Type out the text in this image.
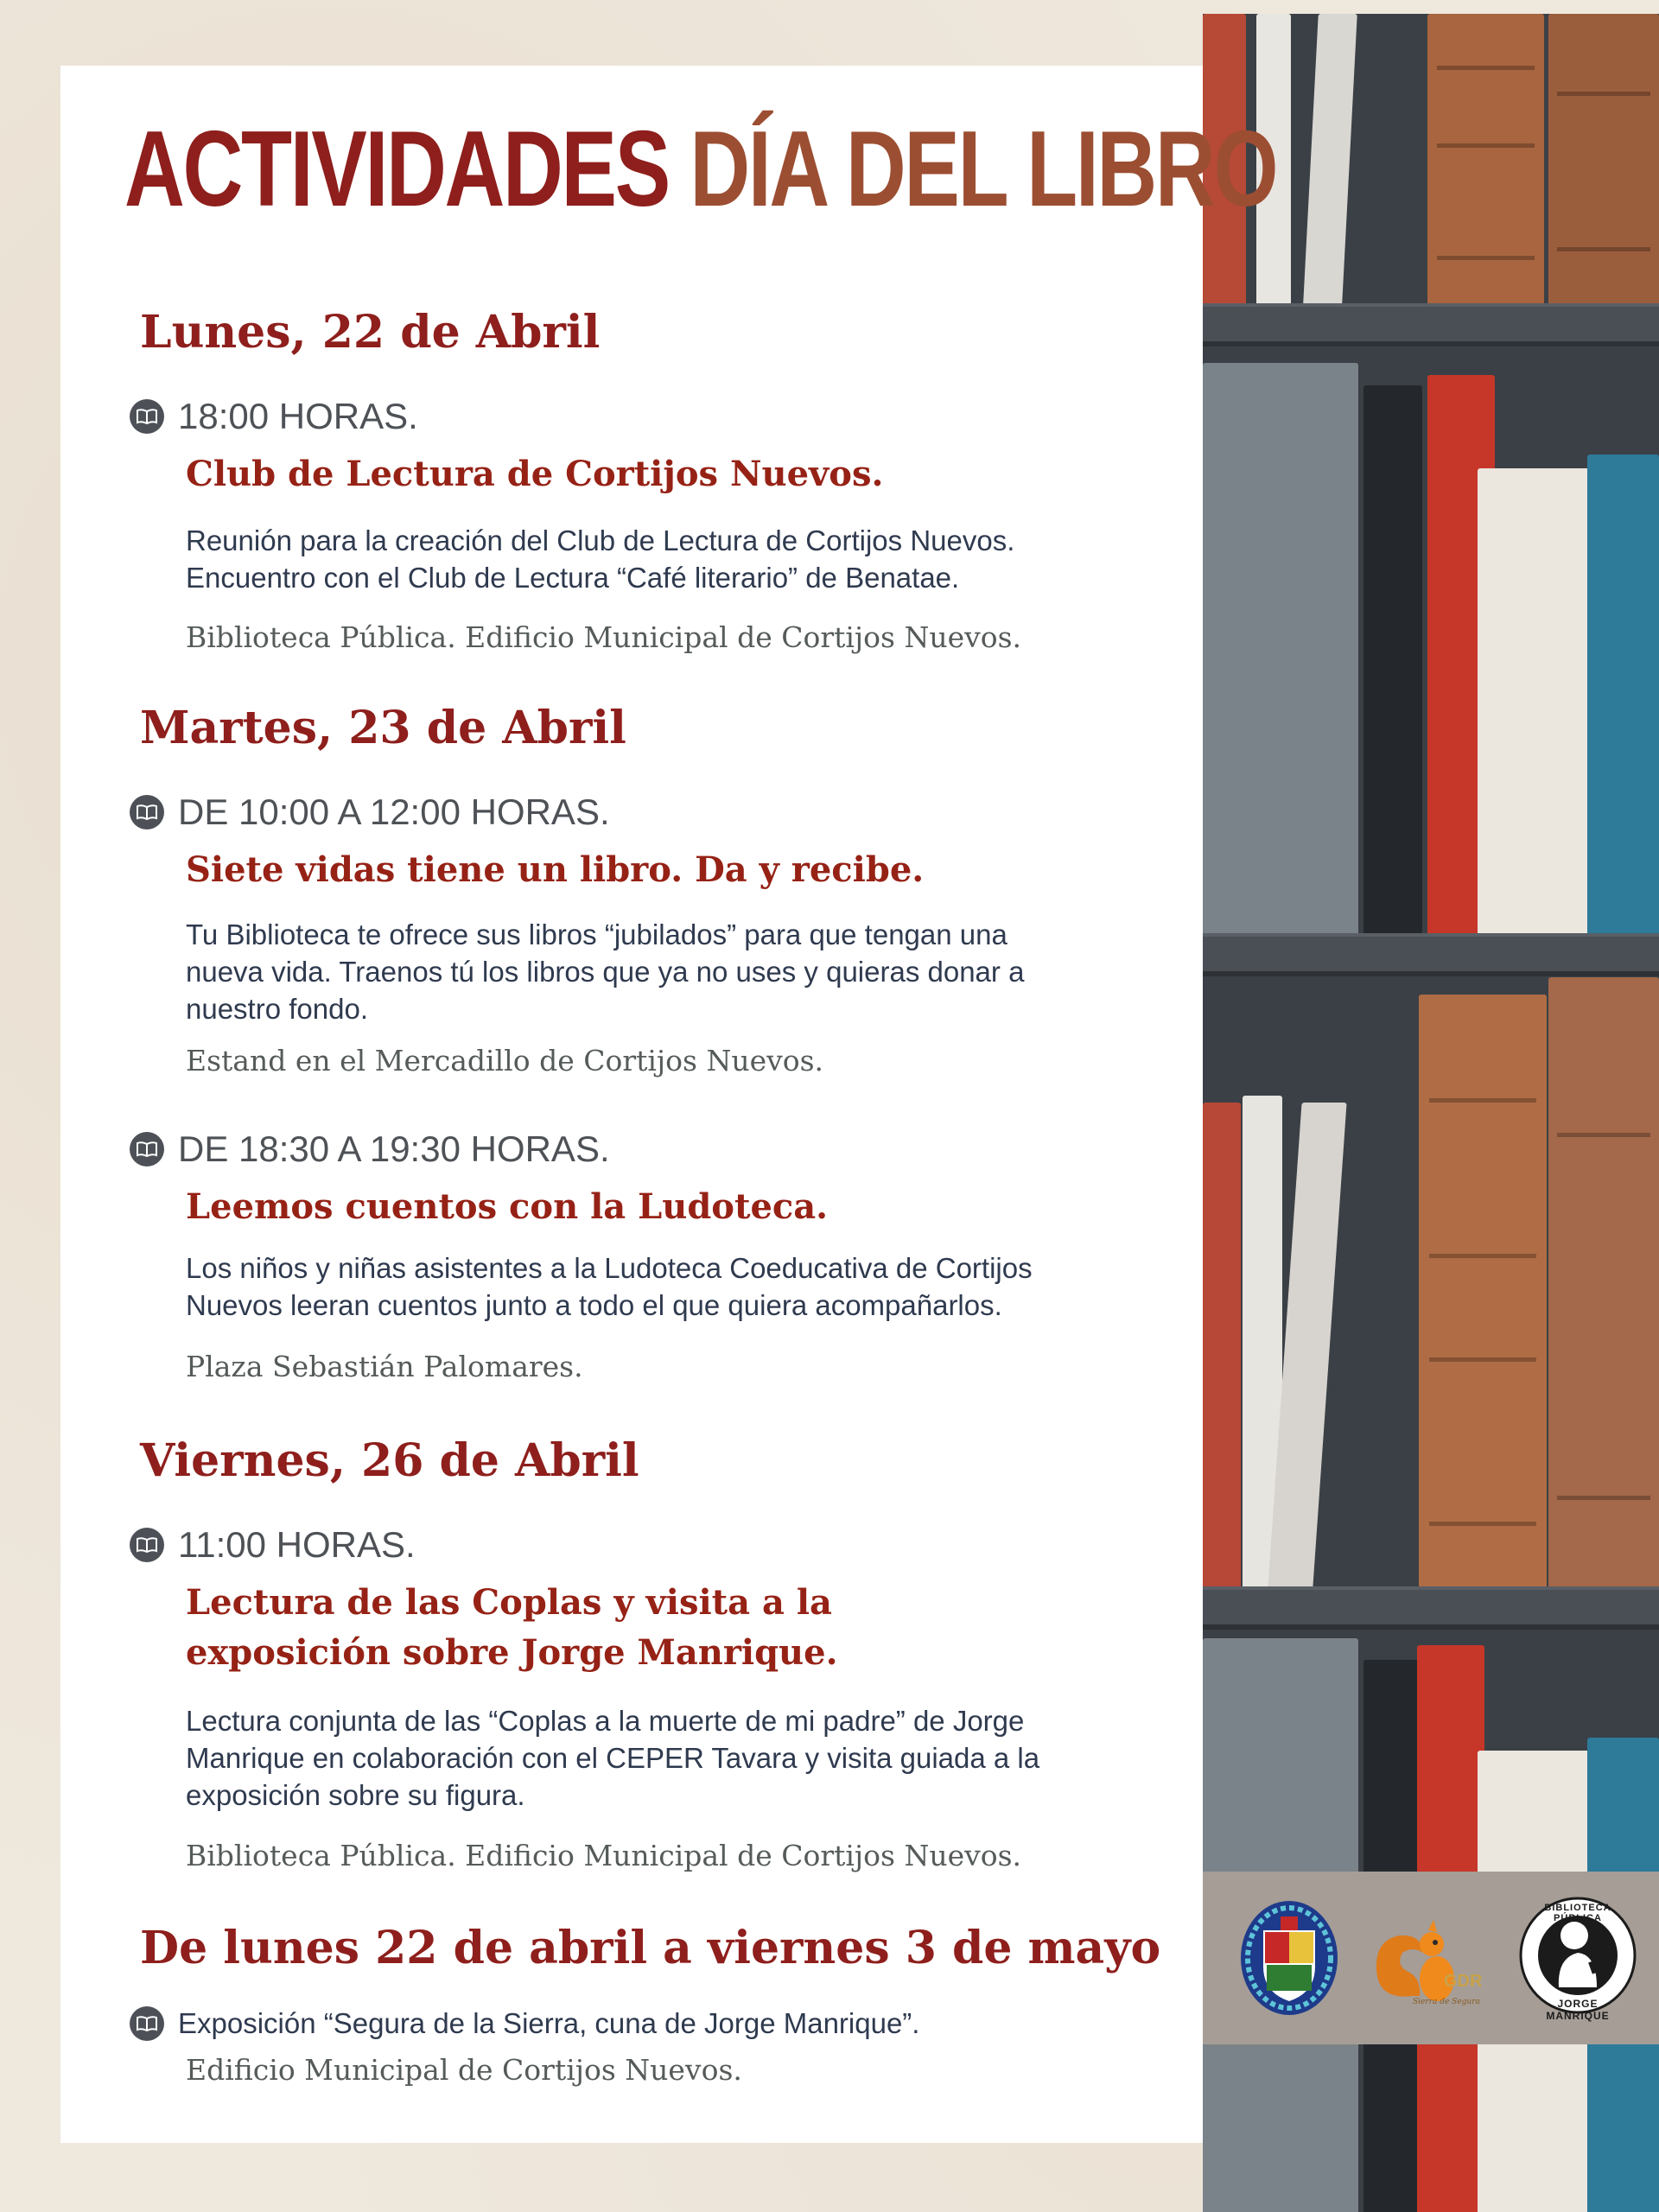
GDR
Sierra de Segura
BIBLIOTECA PÚBLICA
JORGE MANRIQUE
ACTIVIDADES DÍA DEL LIBRO
Lunes, 22 de Abril
18:00 HORAS.
Club de Lectura de Cortijos Nuevos.
Reunión para la creación del Club de Lectura de Cortijos Nuevos.
Encuentro con el Club de Lectura “Café literario” de Benatae.
Biblioteca Pública. Edificio Municipal de Cortijos Nuevos.
Martes, 23 de Abril
DE 10:00 A 12:00 HORAS.
Siete vidas tiene un libro. Da y recibe.
Tu Biblioteca te ofrece sus libros “jubilados” para que tengan una
nueva vida. Traenos tú los libros que ya no uses y quieras donar a
nuestro fondo.
Estand en el Mercadillo de Cortijos Nuevos.
DE 18:30 A 19:30 HORAS.
Leemos cuentos con la Ludoteca.
Los niños y niñas asistentes a la Ludoteca Coeducativa de Cortijos
Nuevos leeran cuentos junto a todo el que quiera acompañarlos.
Plaza Sebastián Palomares.
Viernes, 26 de Abril
11:00 HORAS.
Lectura de las Coplas y visita a la
exposición sobre Jorge Manrique.
Lectura conjunta de las “Coplas a la muerte de mi padre” de Jorge
Manrique en colaboración con el CEPER Tavara y visita guiada a la
exposición sobre su figura.
Biblioteca Pública. Edificio Municipal de Cortijos Nuevos.
De lunes 22 de abril a viernes 3 de mayo
Exposición “Segura de la Sierra, cuna de Jorge Manrique”.
Edificio Municipal de Cortijos Nuevos.
